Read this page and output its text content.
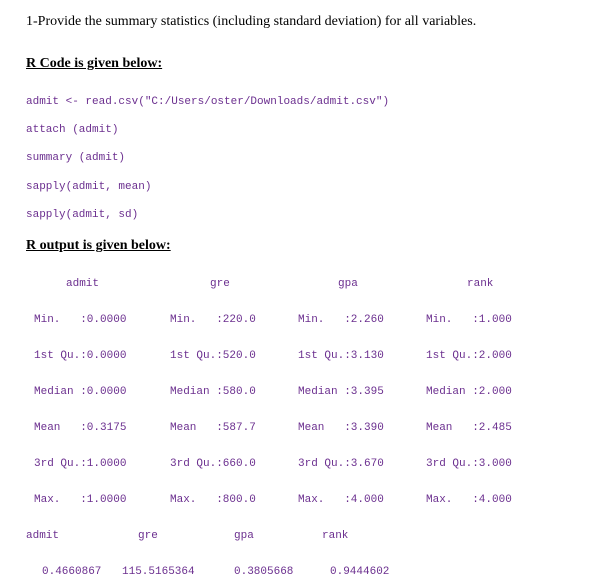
1-Provide the summary statistics (including standard deviation) for all variables.
R Code is given below:
admit <- read.csv("C:/Users/oster/Downloads/admit.csv")
attach (admit)
summary (admit)
sapply(admit, mean)
sapply(admit, sd)
R output is given below:
admit	gre	gpa	rank
Min.   :0.0000	Min.   :220.0	Min.   :2.260	Min.   :1.000
1st Qu.:0.0000	1st Qu.:520.0	1st Qu.:3.130	1st Qu.:2.000
Median :0.0000	Median :580.0	Median :3.395	Median :2.000
Mean   :0.3175	Mean   :587.7	Mean   :3.390	Mean   :2.485
3rd Qu.:1.0000	3rd Qu.:660.0	3rd Qu.:3.670	3rd Qu.:3.000
Max.   :1.0000	Max.   :800.0	Max.   :4.000	Max.   :4.000
admit	gre	gpa	rank
0.4660867 115.5165364	0.3805668	0.9444602
